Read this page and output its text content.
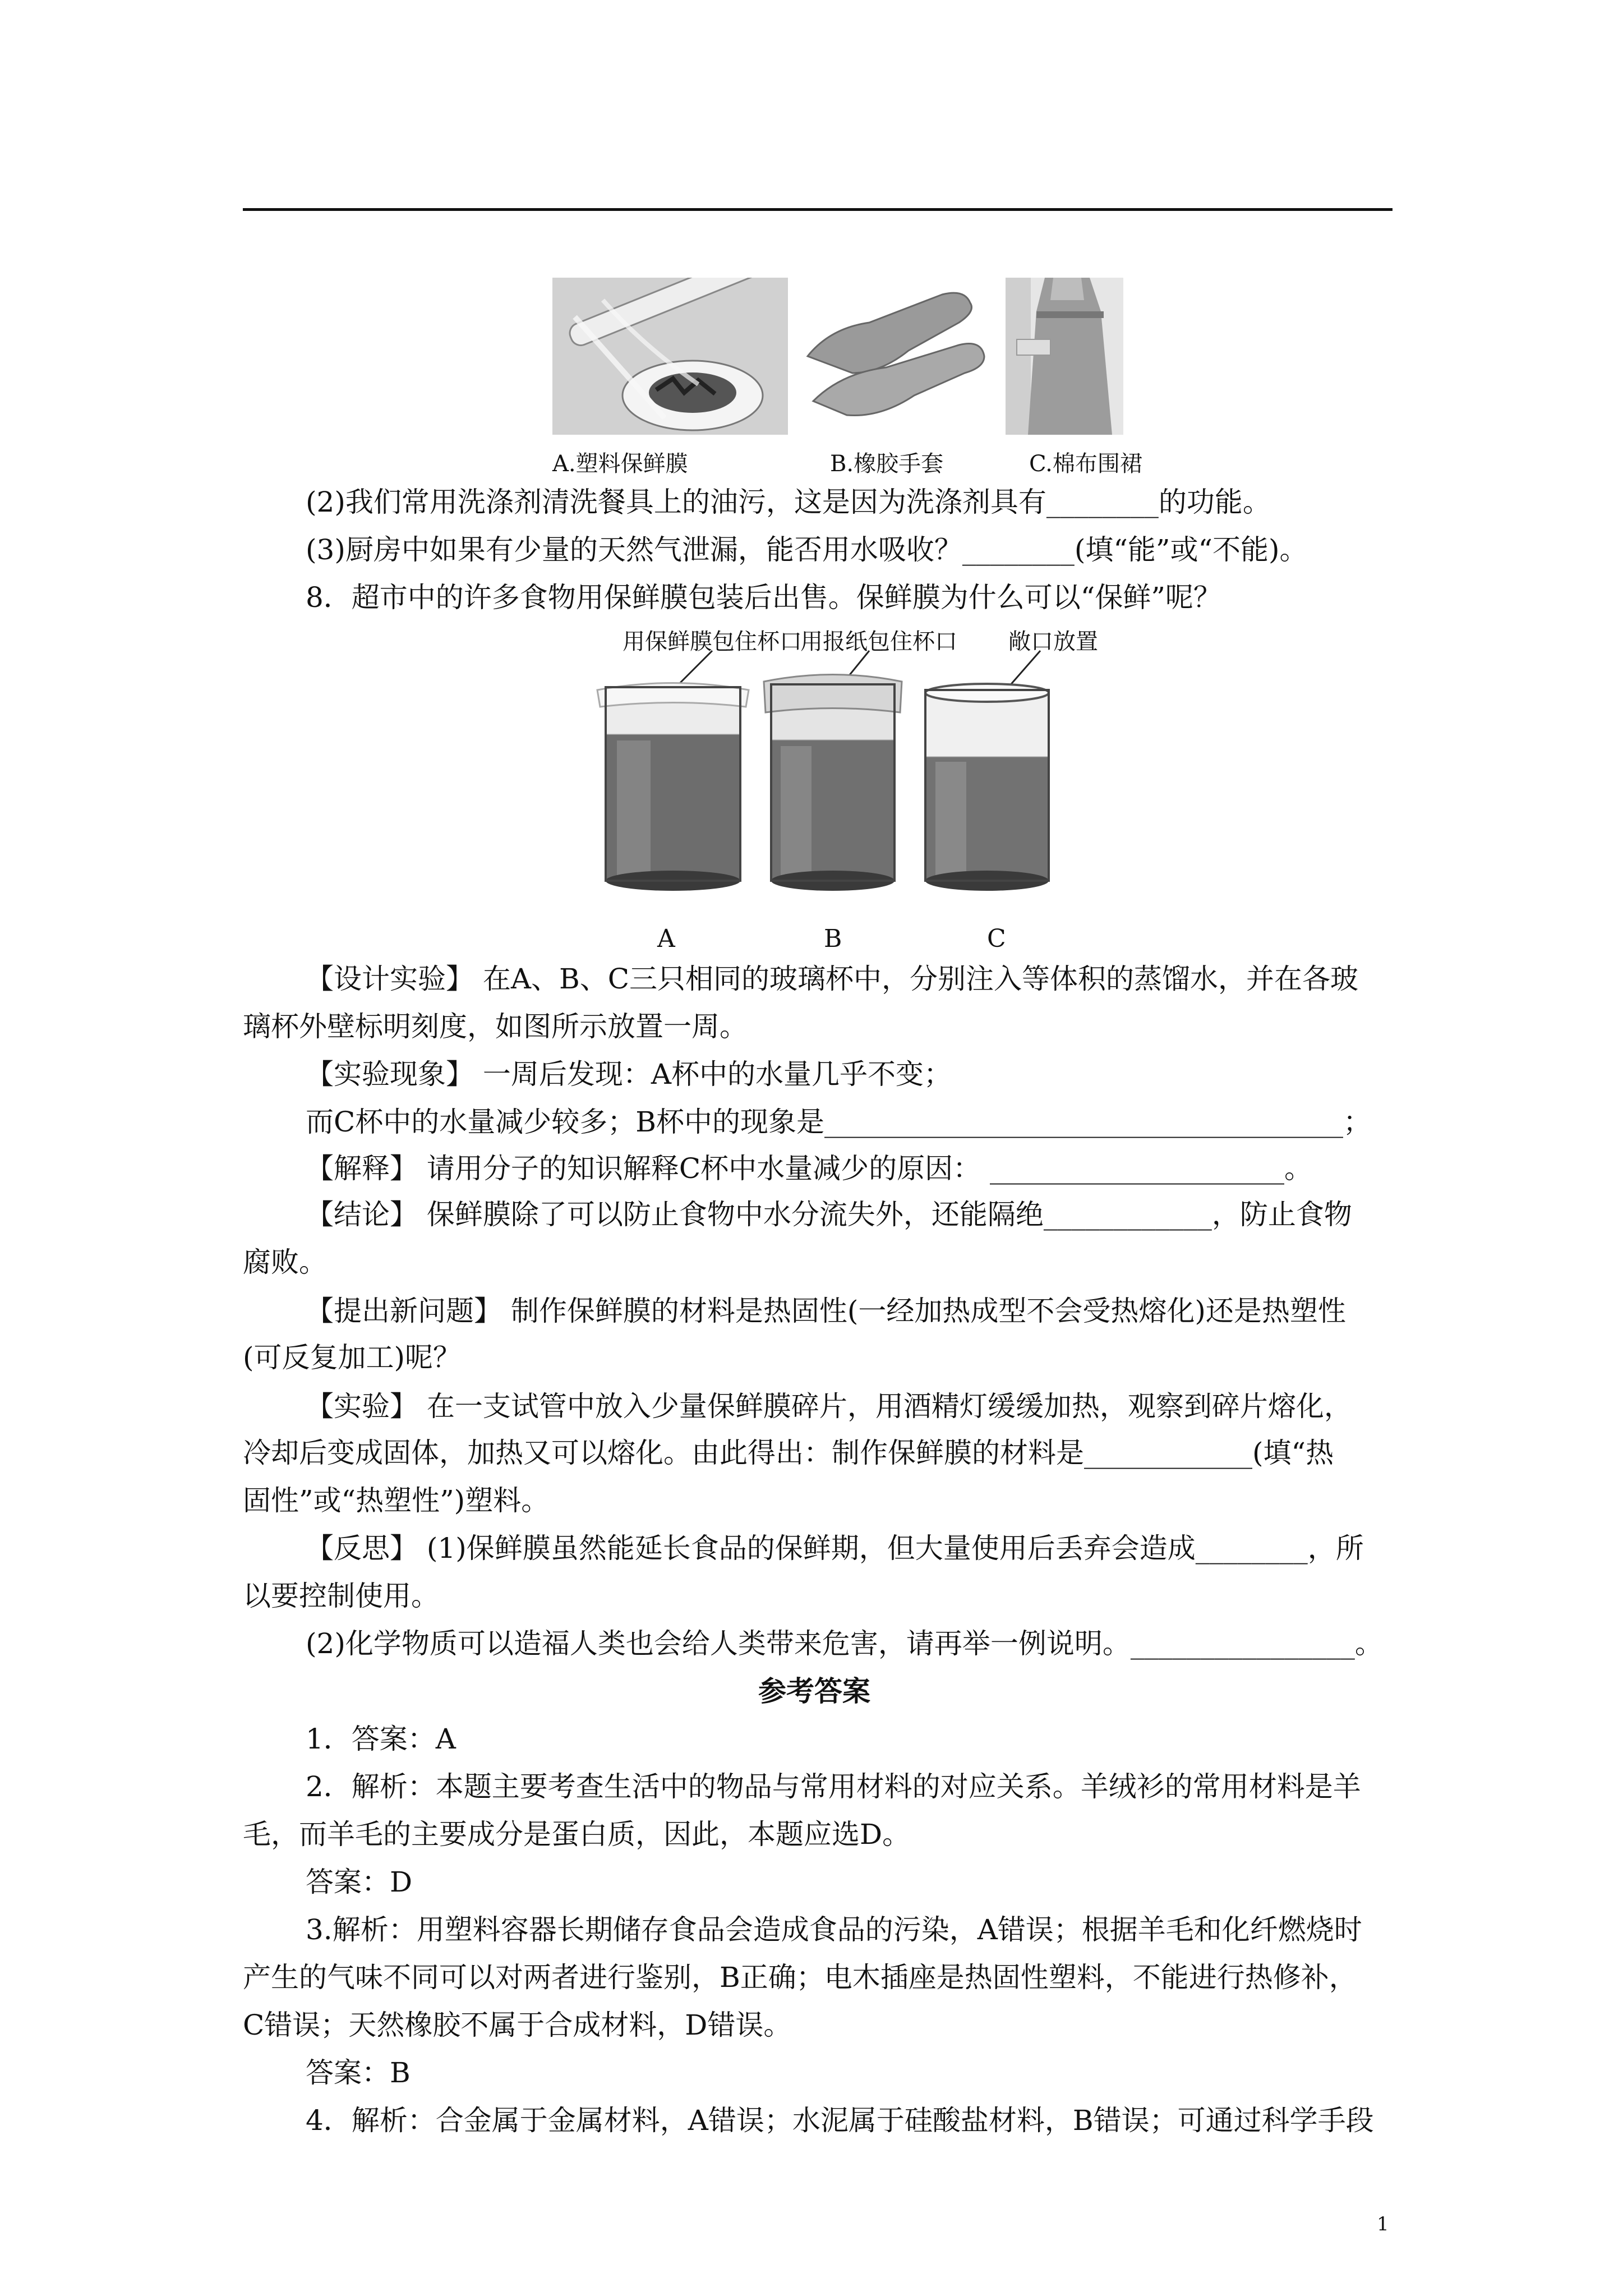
A.塑料保鲜膜	B.橡胶手套	C.棉布围裙
(2)我们常用洗涤剂清洗餐具上的油污，这是因为洗涤剂具有________的功能。
(3)厨房中如果有少量的天然气泄漏，能否用水吸收？________(填“能”或“不能)。
8．超市中的许多食物用保鲜膜包装后出售。保鲜膜为什么可以“保鲜”呢？
用保鲜膜包住杯口
用报纸包住杯口 敞口放置
A	B	C
【设计实验】 在A、B、C三只相同的玻璃杯中，分别注入等体积的蒸馏水，并在各玻
璃杯外壁标明刻度，如图所示放置一周。
【实验现象】 一周后发现：A杯中的水量几乎不变；
而C杯中的水量减少较多；B杯中的现象是_____________________________________；
【解释】 请用分子的知识解释C杯中水量减少的原因： _____________________。
【结论】 保鲜膜除了可以防止食物中水分流失外，还能隔绝____________，防止食物
腐败。
【提出新问题】 制作保鲜膜的材料是热固性(一经加热成型不会受热熔化)还是热塑性
(可反复加工)呢？
【实验】 在一支试管中放入少量保鲜膜碎片，用酒精灯缓缓加热，观察到碎片熔化，
冷却后变成固体，加热又可以熔化。由此得出：制作保鲜膜的材料是____________(填“热
固性”或“热塑性”)塑料。
【反思】 (1)保鲜膜虽然能延长食品的保鲜期，但大量使用后丢弃会造成________，所
以要控制使用。
(2)化学物质可以造福人类也会给人类带来危害，请再举一例说明。________________。
参考答案
1．答案：A
2．解析：本题主要考查生活中的物品与常用材料的对应关系。羊绒衫的常用材料是羊
毛，而羊毛的主要成分是蛋白质，因此，本题应选D。
答案：D
3.解析：用塑料容器长期储存食品会造成食品的污染，A错误；根据羊毛和化纤燃烧时
产生的气味不同可以对两者进行鉴别，B正确；电木插座是热固性塑料，不能进行热修补，
C错误；天然橡胶不属于合成材料，D错误。
答案：B
4．解析：合金属于金属材料，A错误；水泥属于硅酸盐材料，B错误；可通过科学手段
1
